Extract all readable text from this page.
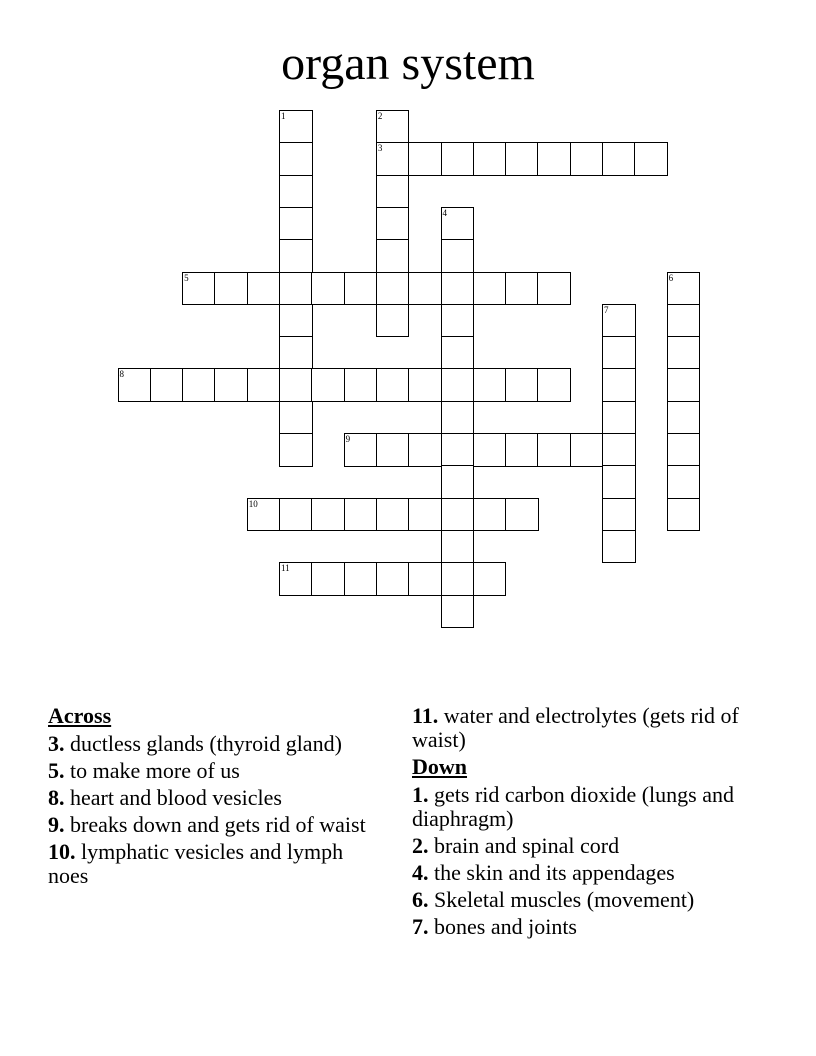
organ system
1	2
3
4
5	6
7
8
9
10
11
Across
3. ductless glands (thyroid gland)
5. to make more of us
8. heart and blood vesicles
9. breaks down and gets rid of waist
10. lymphatic vesicles and lymph noes
11. water and electrolytes (gets rid of waist)
Down
1. gets rid carbon dioxide (lungs and diaphragm)
2. brain and spinal cord
4. the skin and its appendages
6. Skeletal muscles (movement)
7. bones and joints
